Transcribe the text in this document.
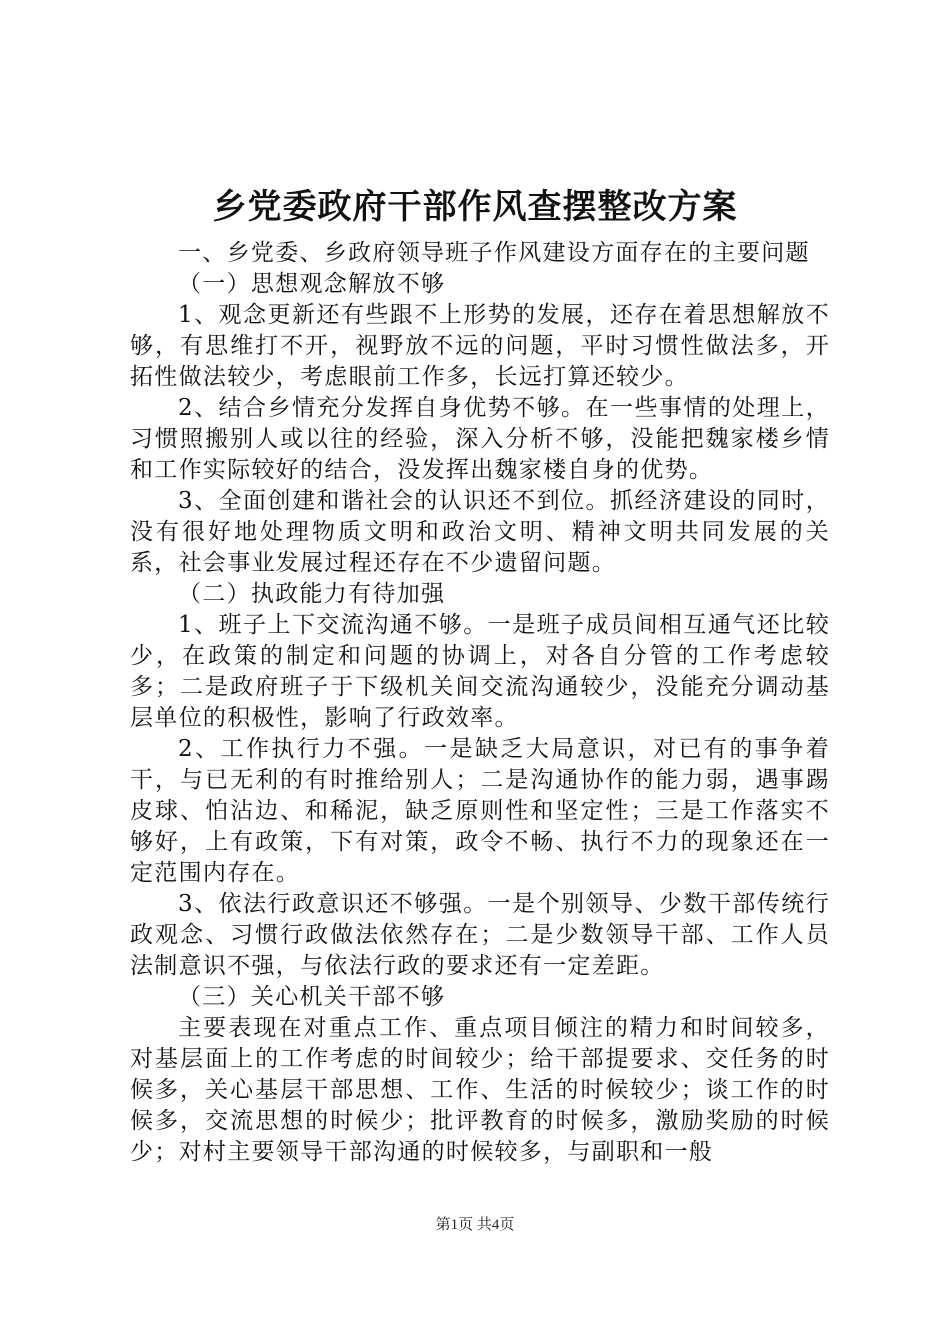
乡党委政府干部作风查摆整改方案

一、乡党委、乡政府领导班子作风建设方面存在的主要问题

（一）思想观念解放不够

1、观念更新还有些跟不上形势的发展，还存在着思想解放不够，有思维打不开，视野放不远的问题，平时习惯性做法多，开拓性做法较少，考虑眼前工作多，长远打算还较少。

2、结合乡情充分发挥自身优势不够。在一些事情的处理上，习惯照搬别人或以往的经验，深入分析不够，没能把魏家楼乡情和工作实际较好的结合，没发挥出魏家楼自身的优势。

3、全面创建和谐社会的认识还不到位。抓经济建设的同时，没有很好地处理物质文明和政治文明、精神文明共同发展的关系，社会事业发展过程还存在不少遗留问题。

（二）执政能力有待加强

1、班子上下交流沟通不够。一是班子成员间相互通气还比较少，在政策的制定和问题的协调上，对各自分管的工作考虑较多；二是政府班子于下级机关间交流沟通较少，没能充分调动基层单位的积极性，影响了行政效率。

2、工作执行力不强。一是缺乏大局意识，对已有的事争着干，与已无利的有时推给别人；二是沟通协作的能力弱，遇事踢皮球、怕沾边、和稀泥，缺乏原则性和坚定性；三是工作落实不够好，上有政策，下有对策，政令不畅、执行不力的现象还在一定范围内存在。

3、依法行政意识还不够强。一是个别领导、少数干部传统行政观念、习惯行政做法依然存在；二是少数领导干部、工作人员法制意识不强，与依法行政的要求还有一定差距。

（三）关心机关干部不够

主要表现在对重点工作、重点项目倾注的精力和时间较多，对基层面上的工作考虑的时间较少；给干部提要求、交任务的时候多，关心基层干部思想、工作、生活的时候较少；谈工作的时候多，交流思想的时候少；批评教育的时候多，激励奖励的时候少；对村主要领导干部沟通的时候较多，与副职和一般

第1页 共4页
